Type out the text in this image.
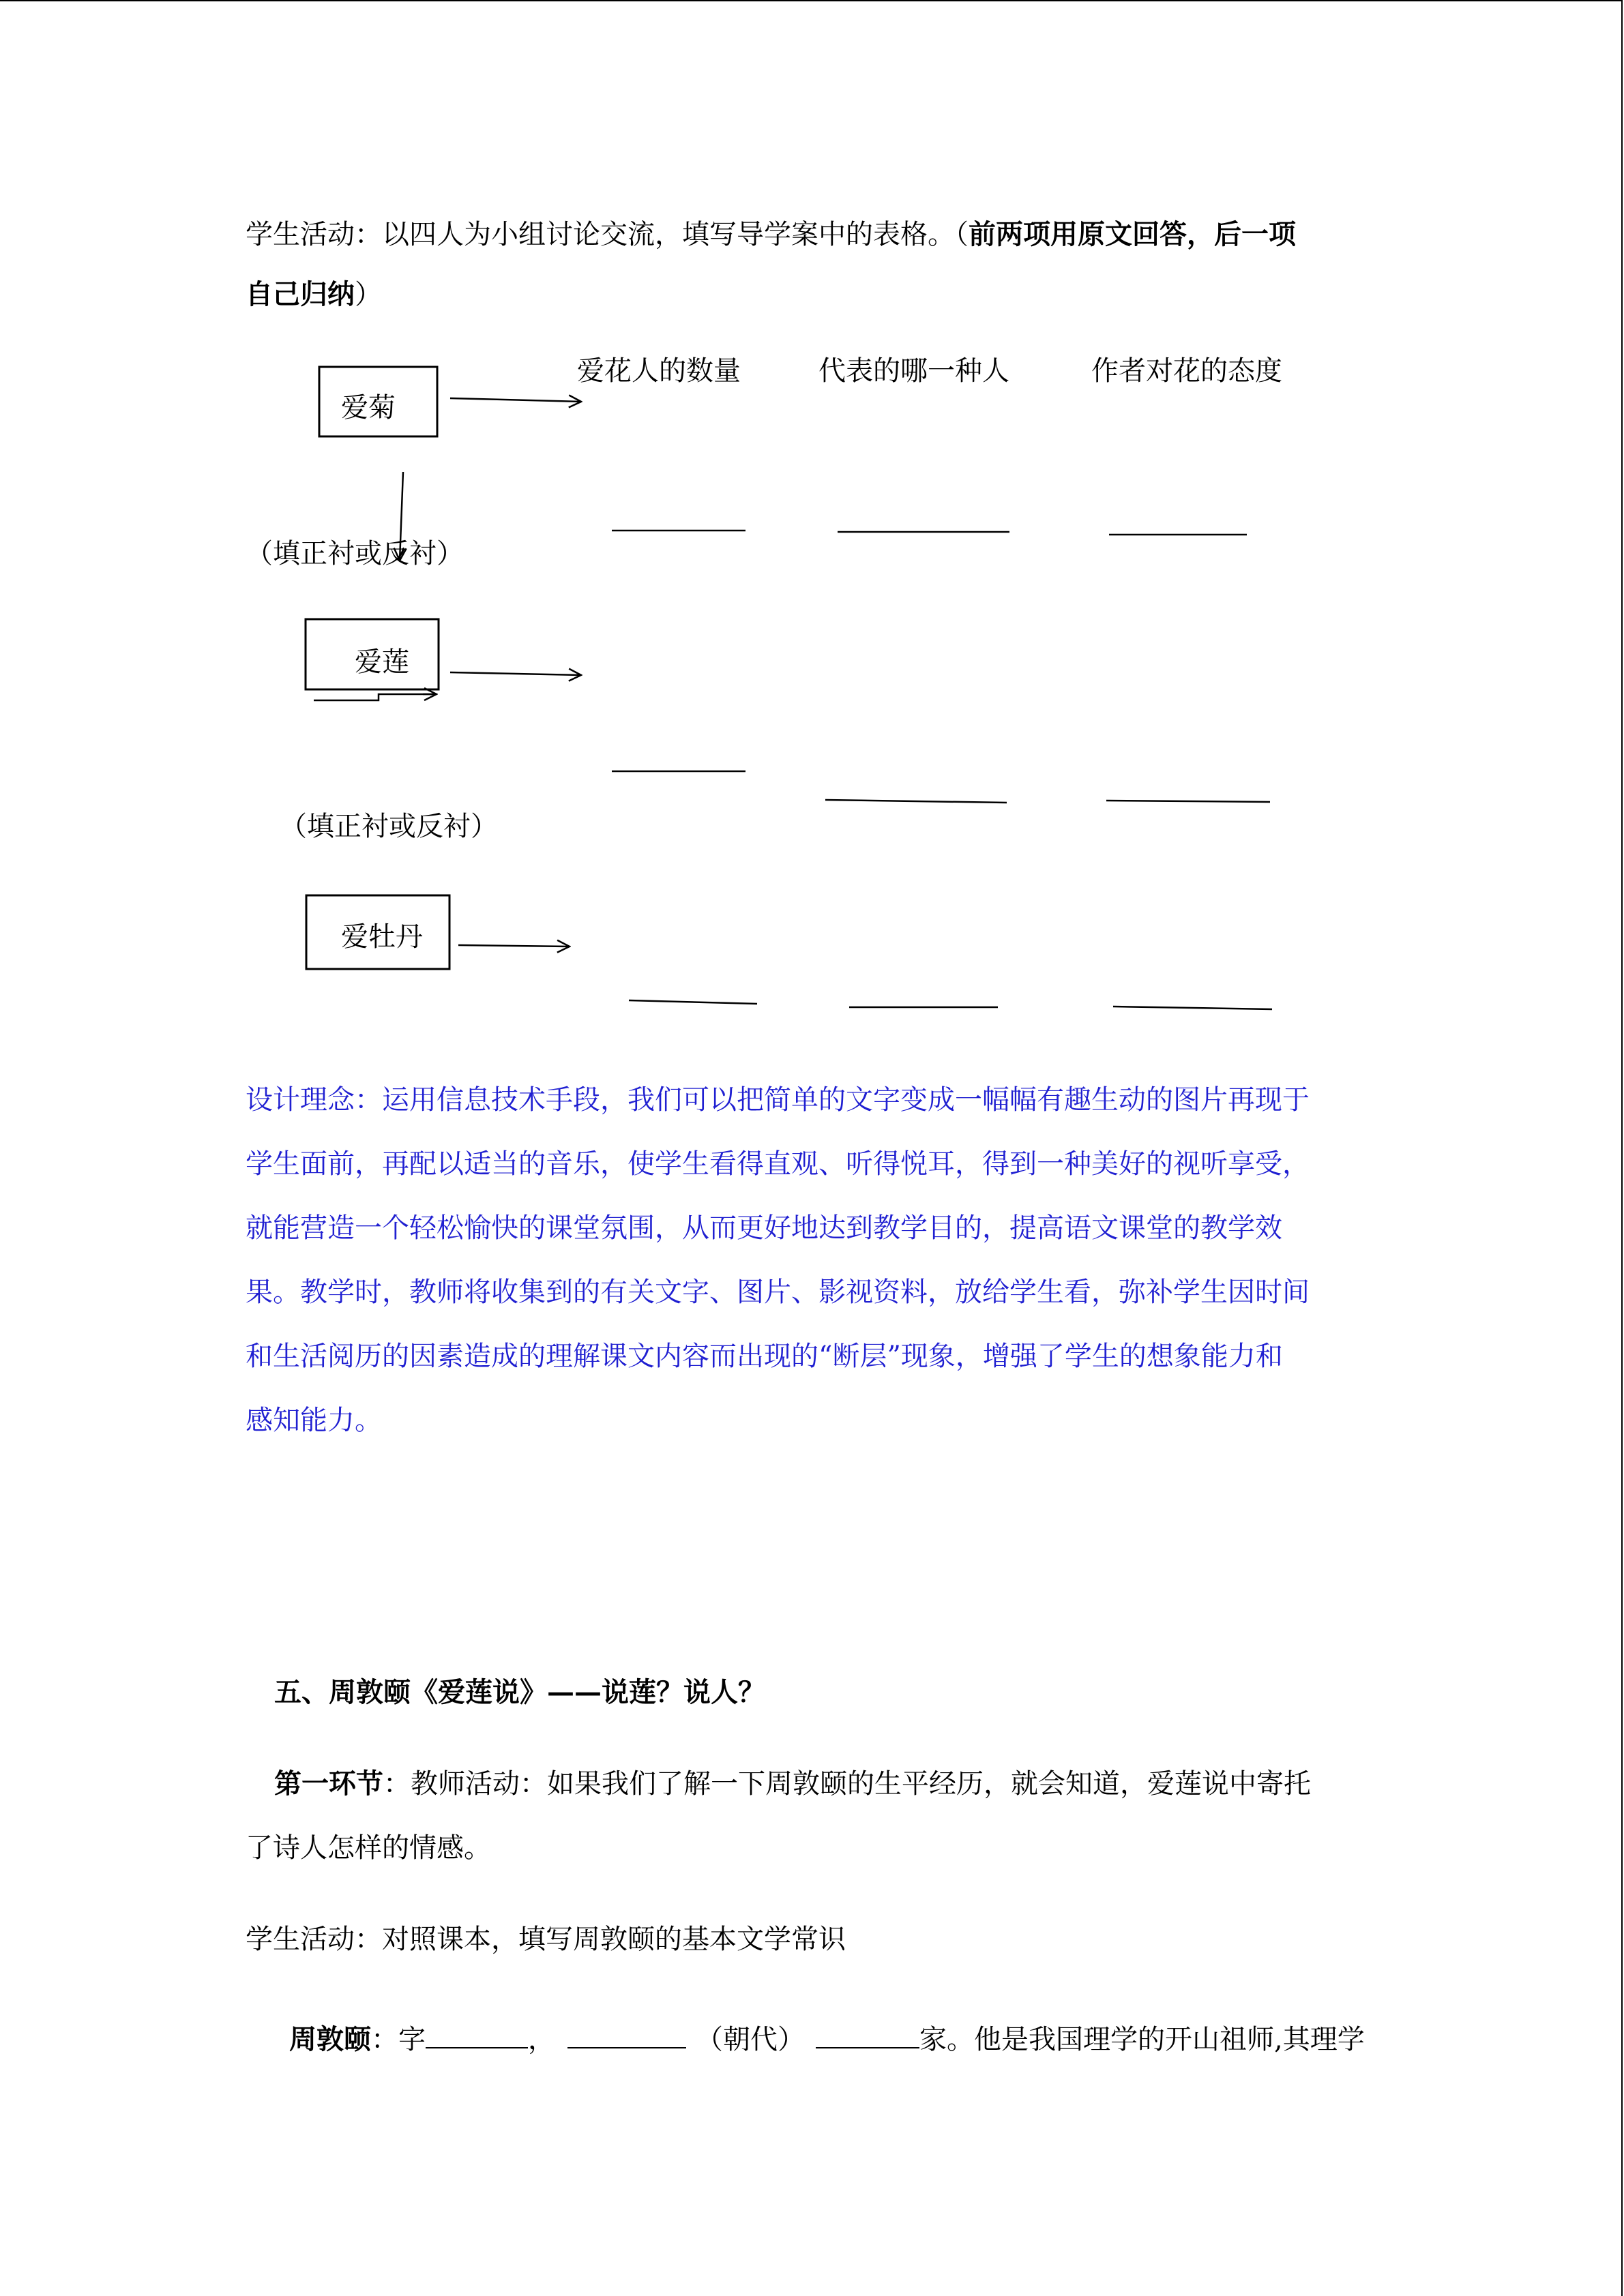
学生活动：以四人为小组讨论交流，填写导学案中的表格。（前两项用原文回答，后一项
自己归纳）
爱花人的数量	代表的哪一种人	作者对花的态度
爱菊
爱莲
爱牡丹
（填正衬或反衬）
（填正衬或反衬）
设计理念：运用信息技术手段，我们可以把简单的文字变成一幅幅有趣生动的图片再现于
学生面前，再配以适当的音乐，使学生看得直观、听得悦耳，得到一种美好的视听享受，
就能营造一个轻松愉快的课堂氛围，从而更好地达到教学目的，提高语文课堂的教学效
果。教学时，教师将收集到的有关文字、图片、影视资料，放给学生看，弥补学生因时间
和生活阅历的因素造成的理解课文内容而出现的“断层”现象，增强了学生的想象能力和
感知能力。
五、周敦颐《爱莲说》——说莲？说人？
第一环节：教师活动：如果我们了解一下周敦颐的生平经历，就会知道，爱莲说中寄托
了诗人怎样的情感。
学生活动：对照课本，填写周敦颐的基本文学常识
周敦颐：字	，	（朝代）	家。他是我国理学的开山祖师,其理学
